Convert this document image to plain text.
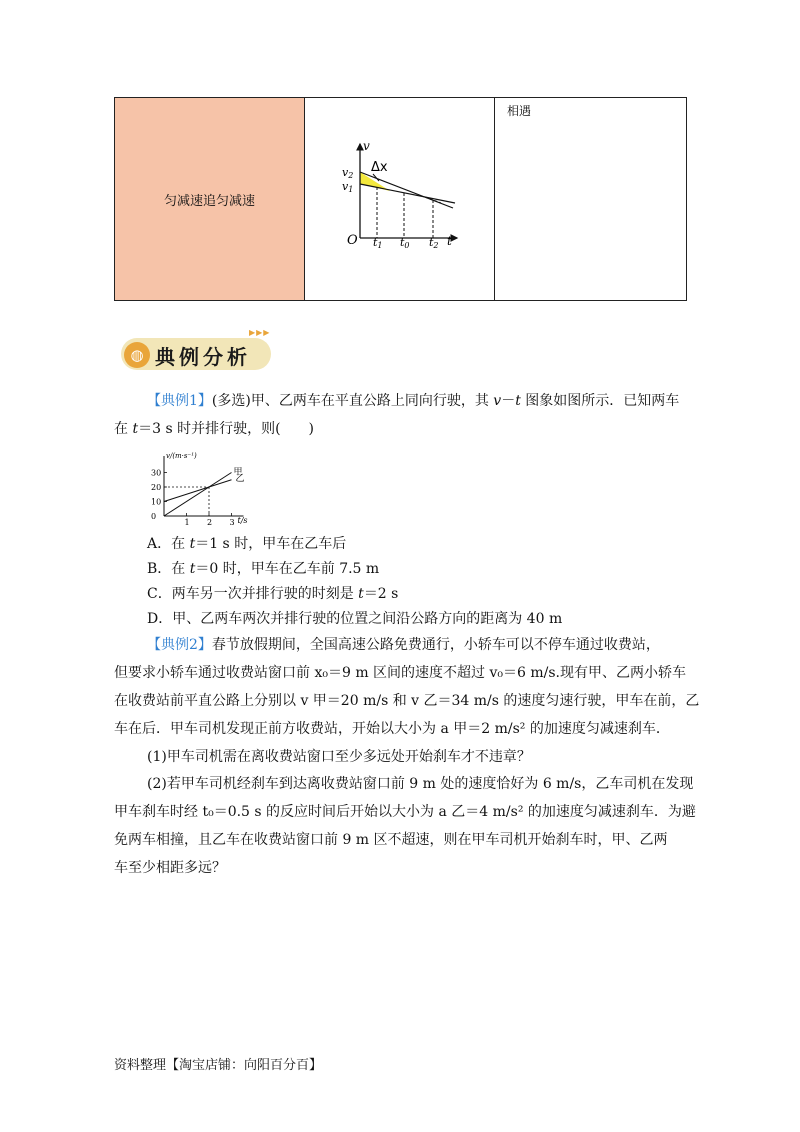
匀减速追匀减速
v
v2
v1
Δx
O t1 t0 t2 t
相遇
◍ 典例分析
▶▶▶
【典例1】(多选)甲、乙两车在平直公路上同向行驶，其 v－t 图象如图所示．已知两车
在 t＝3 s 时并排行驶，则(　　)
v/(m·s⁻¹)
t/s
30
20
10
0
1 2 3
甲
乙
A．在 t＝1 s 时，甲车在乙车后
B．在 t＝0 时，甲车在乙车前 7.5 m
C．两车另一次并排行驶的时刻是 t＝2 s
D．甲、乙两车两次并排行驶的位置之间沿公路方向的距离为 40 m
【典例2】春节放假期间，全国高速公路免费通行，小轿车可以不停车通过收费站，
但要求小轿车通过收费站窗口前 x₀＝9 m 区间的速度不超过 v₀＝6 m/s.现有甲、乙两小轿车
在收费站前平直公路上分别以 v 甲＝20 m/s 和 v 乙＝34 m/s 的速度匀速行驶，甲车在前，乙
车在后．甲车司机发现正前方收费站，开始以大小为 a 甲＝2 m/s² 的加速度匀减速刹车．
(1)甲车司机需在离收费站窗口至少多远处开始刹车才不违章？
(2)若甲车司机经刹车到达离收费站窗口前 9 m 处的速度恰好为 6 m/s，乙车司机在发现
甲车刹车时经 t₀＝0.5 s 的反应时间后开始以大小为 a 乙＝4 m/s² 的加速度匀减速刹车．为避
免两车相撞，且乙车在收费站窗口前 9 m 区不超速，则在甲车司机开始刹车时，甲、乙两
车至少相距多远？
资料整理【淘宝店铺：向阳百分百】
